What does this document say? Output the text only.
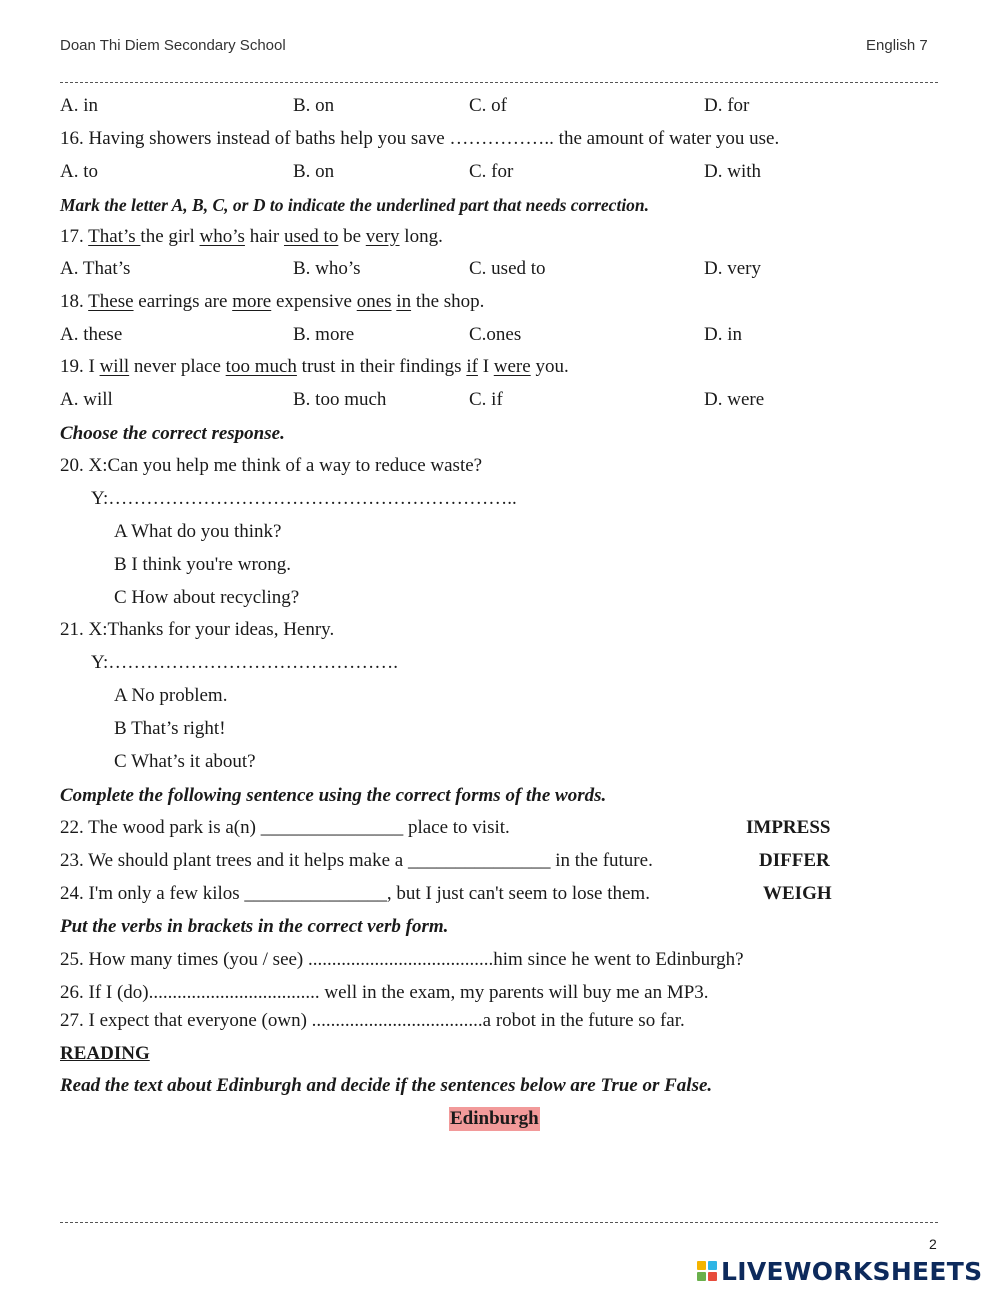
Doan Thi Diem Secondary School	English 7
A. in	B. on	C. of	D. for
16. Having showers instead of baths help you save …………….. the amount of water you use.
A. to	B. on	C. for	D. with
Mark the letter A, B, C, or D to indicate the underlined part that needs correction.
17. That’s the girl who’s hair used to be very long.
A. That’s	B. who’s	C. used to	D. very
18. These earrings are more expensive ones in the shop.
A. these	B. more	C.ones	D. in
19. I will never place too much trust in their findings if I were you.
A. will	B. too much	C. if	D. were
Choose the correct response.
20. X:Can you help me think of a way to reduce waste?
Y:………………………………………………………..
A What do you think?
B I think you're wrong.
C How about recycling?
21. X:Thanks for your ideas, Henry.
Y:……………………………………….
A No problem.
B That’s right!
C What’s it about?
Complete the following sentence using the correct forms of the words.
22. The wood park is a(n) _______________ place to visit.	IMPRESS
23. We should plant trees and it helps make a _______________ in the future.	DIFFER
24. I'm only a few kilos _______________, but I just can't seem to lose them.	WEIGH
Put the verbs in brackets in the correct verb form.
25. How many times (you / see) .......................................him since he went to Edinburgh?
26. If I (do).................................... well in the exam, my parents will buy me an MP3.
27. I expect that everyone (own) ....................................a robot in the future so far.
READING
Read the text about Edinburgh and decide if the sentences below are True or False.
Edinburgh
2
LIVEWORKSHEETS
